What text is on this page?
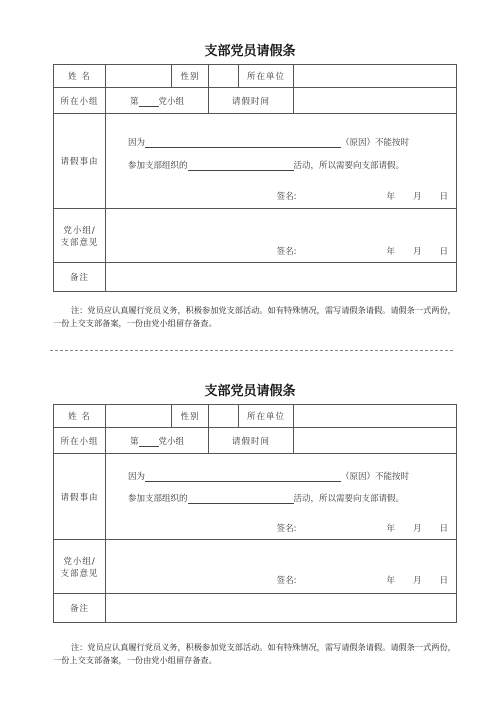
支部党员请假条
姓 名		性别		所在单位	
所在小组	第 党小组		请假时间		
请假事由	因为 （原因）不能按时
参加支部组织的 活动，所以需要向支部请假。
签名: 年 月 日				

党小组/
支部意见	签名: 年 月 日				

备注					
注：党员应认真履行党员义务，积极参加党支部活动。如有特殊情况，需写请假条请假。请假条一式两份，一份上交支部备案，一份由党小组留存备查。
支部党员请假条
姓 名		性别		所在单位	
所在小组	第 党小组		请假时间		
请假事由	因为 （原因）不能按时
参加支部组织的 活动，所以需要向支部请假。
签名: 年 月 日				

党小组/
支部意见	签名: 年 月 日				

备注					
注：党员应认真履行党员义务，积极参加党支部活动。如有特殊情况，需写请假条请假。请假条一式两份，一份上交支部备案，一份由党小组留存备查。
